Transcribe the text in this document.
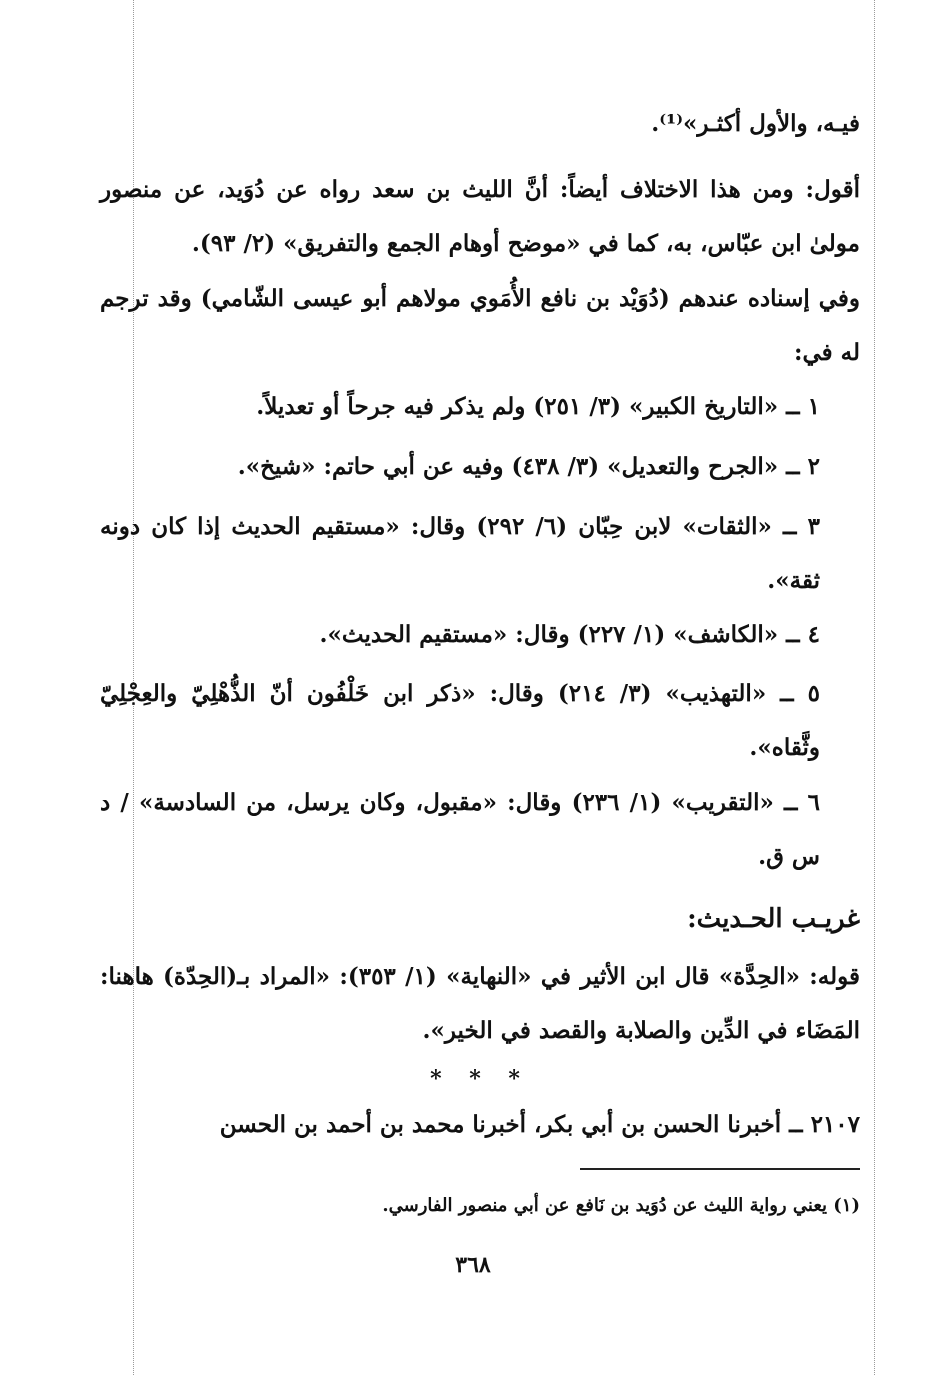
فيـه، والأول أكثـر»⁽¹⁾.
أقول: ومن هذا الاختلاف أيضاً: أنَّ الليث بن سعد رواه عن دُوَيد، عن منصور مولىٰ ابن عبّاس، به، كما في «موضح أوهام الجمع والتفريق» (٢/ ٩٣).
وفي إسناده عندهم (دُوَيْد بن نافع الأُمَوي مولاهم أبو عيسى الشّامي) وقد ترجم له في:
١ ــ «التاريخ الكبير» (٣/ ٢٥١) ولم يذكر فيه جرحاً أو تعديلاً.
٢ ــ «الجرح والتعديل» (٣/ ٤٣٨) وفيه عن أبي حاتم: «شيخ».
٣ ــ «الثقات» لابن حِبّان (٦/ ٢٩٢) وقال: «مستقيم الحديث إذا كان دونه ثقة».
٤ ــ «الكاشف» (١/ ٢٢٧) وقال: «مستقيم الحديث».
٥ ــ «التهذيب» (٣/ ٢١٤) وقال: «ذكر ابن خَلْفُون أنّ الذُّهْلِيّ والعِجْلِيّ وثَّقاه».
٦ ــ «التقريب» (١/ ٢٣٦) وقال: «مقبول، وكان يرسل، من السادسة» / د س ق.
غريـب الحـديث:
قوله: «الحِدَّة» قال ابن الأثير في «النهاية» (١/ ٣٥٣): «المراد بـ(الحِدّة) هاهنا: المَضَاء في الدِّين والصلابة والقصد في الخير».
* * *
٢١٠٧ ــ أخبرنا الحسن بن أبي بكر، أخبرنا محمد بن أحمد بن الحسن
(١) يعني رواية الليث عن دُوَيد بن نَافع عن أبي منصور الفارسي.
٣٦٨
